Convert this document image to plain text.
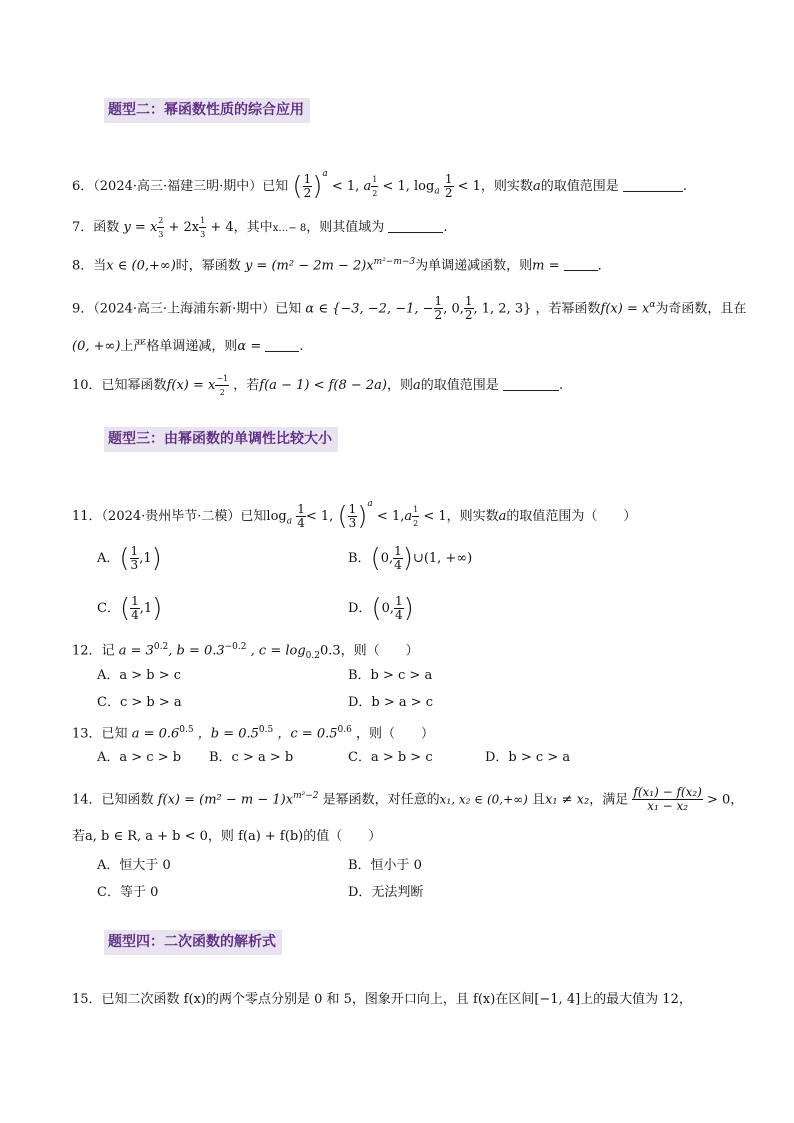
题型二：幂函数性质的综合应用
6．（2024·高三·福建三明·期中）已知 ( $\frac{1}{2} )^a < 1$, a $^{\frac{1}{2}}$ < 1, $\log_a \frac{1}{2} < 1$，则实数a的取值范围是	.
7．函数 y = x $^{\frac{2}{3}}$ + 2x $^{\frac{1}{3}}$ + 4，其中x…− 8，则其值域为	.
8．当x ∈ (0,+∞)时，幂函数 $y = (m^2 - 2m - 2)x^{m^2-m-3}$为单调递减函数，则m =	.
9．（2024·高三·上海浦东新·期中）已知 α ∈ {−3, −2, −1, − $\frac{1}{2}$ , 0, $\frac{1}{2}$ , 1, 2, 3} ，若幂函数$f(x) = x^\alpha$为奇函数，且在
(0, +∞)上严格单调递减，则α =	.
10．已知幂函数f(x) = x $^{\frac{-1}{2}}$ ，若f(a − 1) < f(8 − 2a)，则a的取值范围是	.
题型三：由幂函数的单调性比较大小
11．（2024·贵州毕节·二模）已知$\log_a \frac{1}{4} < 1$, ( $\frac{1}{3} )^a < 1,a$ $^{\frac{1}{2}}$ < 1，则实数a的取值范围为（　　）
A．( $\frac{1}{3} ,1$)	B．(0, $\frac{1}{4}$ )∪(1, +∞)
C．( $\frac{1}{4} ,1$)	D．(0, $\frac{1}{4}$ )
12．记 $a = 3^{0.2}$, $b = 0.3^{-0.2}$ , $c = \log_{0.2}0.3$，则（　　）
A．a > b > c	B．b > c > a
C．c > b > a	D．b > a > c
13．已知 $a = 0.6^{0.5}$ ，$b = 0.5^{0.5}$ ，$c = 0.5^{0.6}$ ，则（　　）
A．a > c > b B．c > a > b	C．a > b > c	D．b > c > a
14．已知函数 $f(x) = (m^2 - m - 1)x^{m^2-2}$ 是幂函数，对任意的x₁, x₂ ∈ (0,+∞) 且x₁ ≠ x₂，满足 $\frac{\text{f(x₁) − f(x₂)}}{\text{x₁ − x₂}} > 0$，
若a, b ∈ R, a + b < 0，则 f(a) + f(b)的值（　　）
A．恒大于 0	B．恒小于 0
C．等于 0	D．无法判断
题型四：二次函数的解析式
15．已知二次函数 f(x)的两个零点分别是 0 和 5，图象开口向上，且 f(x)在区间[−1, 4]上的最大值为 12，
